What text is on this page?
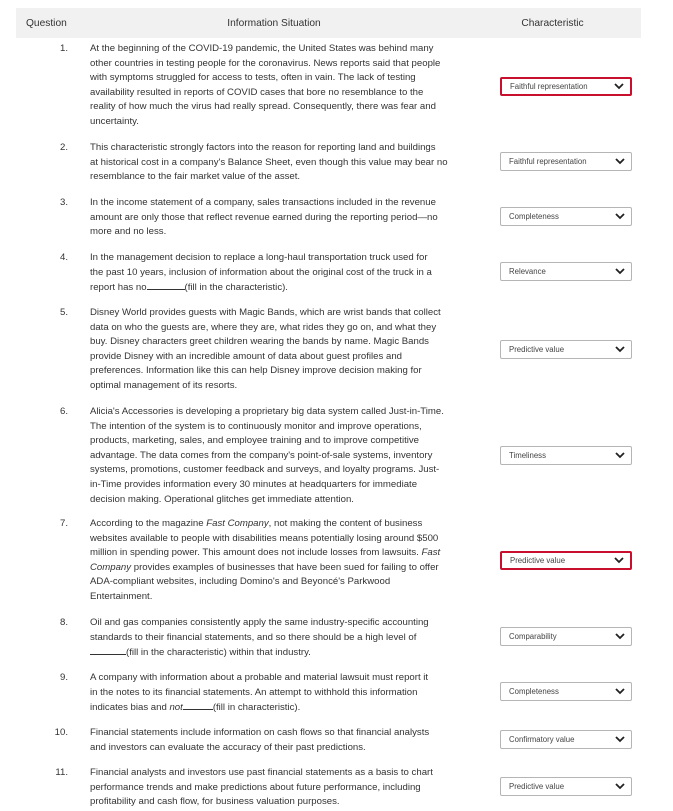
Question	Information Situation	Characteristic
1. At the beginning of the COVID-19 pandemic, the United States was behind many
other countries in testing people for the coronavirus. News reports said that people
with symptoms struggled for access to tests, often in vain. The lack of testing
availability resulted in reports of COVID cases that bore no resemblance to the
reality of how much the virus had really spread. Consequently, there was fear and
uncertainty.
Faithful representation
2. This characteristic strongly factors into the reason for reporting land and buildings
at historical cost in a company's Balance Sheet, even though this value may bear no
resemblance to the fair market value of the asset.
Faithful representation
3. In the income statement of a company, sales transactions included in the revenue
amount are only those that reflect revenue earned during the reporting period—no
more and no less.
Completeness
4. In the management decision to replace a long-haul transportation truck used for
the past 10 years, inclusion of information about the original cost of the truck in a
report has no	(fill in the characteristic).
Relevance
5. Disney World provides guests with Magic Bands, which are wrist bands that collect
data on who the guests are, where they are, what rides they go on, and what they
buy. Disney characters greet children wearing the bands by name. Magic Bands
provide Disney with an incredible amount of data about guest profiles and
preferences. Information like this can help Disney improve decision making for
optimal management of its resorts.
Predictive value
6. Alicia's Accessories is developing a proprietary big data system called Just-in-Time.
The intention of the system is to continuously monitor and improve operations,
products, marketing, sales, and employee training and to improve competitive
advantage. The data comes from the company's point-of-sale systems, inventory
systems, promotions, customer feedback and surveys, and loyalty programs. Just-
in-Time provides information every 30 minutes at headquarters for immediate
decision making. Operational glitches get immediate attention.
Timeliness
7. According to the magazine Fast Company, not making the content of business
websites available to people with disabilities means potentially losing around $500
million in spending power. This amount does not include losses from lawsuits. Fast
Company provides examples of businesses that have been sued for failing to offer
ADA-compliant websites, including Domino's and Beyoncé's Parkwood
Entertainment.
Predictive value
8. Oil and gas companies consistently apply the same industry-specific accounting
standards to their financial statements, and so there should be a high level of
(fill in the characteristic) within that industry.
Comparability
9. A company with information about a probable and material lawsuit must report it
in the notes to its financial statements. An attempt to withhold this information
indicates bias and not	(fill in characteristic).
Completeness
10. Financial statements include information on cash flows so that financial analysts
and investors can evaluate the accuracy of their past predictions.
Confirmatory value
11. Financial analysts and investors use past financial statements as a basis to chart
performance trends and make predictions about future performance, including
profitability and cash flow, for business valuation purposes.
Predictive value
